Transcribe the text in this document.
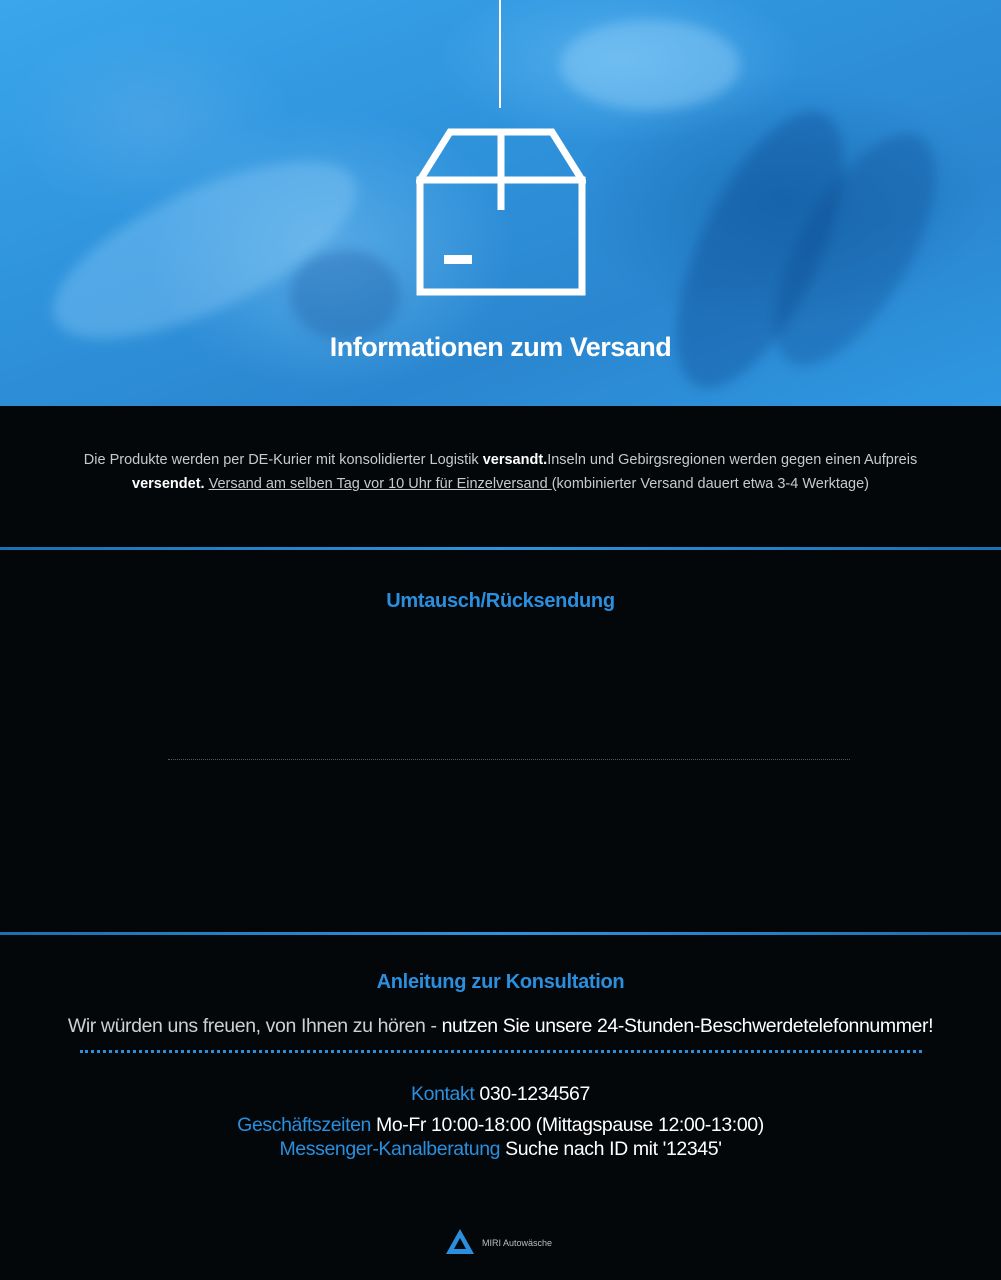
Informationen zum Versand

Die Produkte werden per DE-Kurier mit konsolidierter Logistik versandt.Inseln und Gebirgsregionen werden gegen einen Aufpreis
versendet. Versand am selben Tag vor 10 Uhr für Einzelversand (kombinierter Versand dauert etwa 3-4 Werktage)

Umtausch/Rücksendung
Anleitung zur Konsultation

Wir würden uns freuen, von Ihnen zu hören - nutzen Sie unsere 24-Stunden-Beschwerdetelefonnummer!

Kontakt 030-1234567

Geschäftszeiten Mo-Fr 10:00-18:00 (Mittagspause 12:00-13:00)

Messenger-Kanalberatung Suche nach ID mit '12345'

MIRI Autowäsche
